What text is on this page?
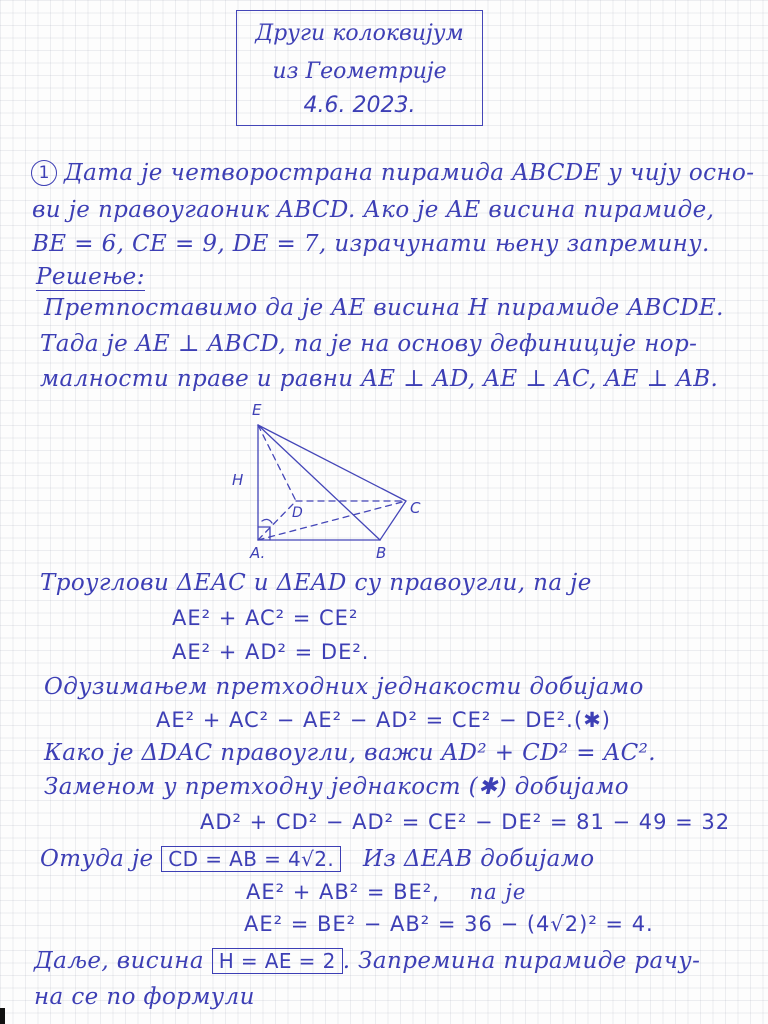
Други колоквијум
из Геометрије
4.6. 2023.
1 Дата је четворострана пирамида ABCDE у чију осно-
ви је правоугаоник ABCD. Ако је AE висина пирамиде,
BE = 6, CE = 9, DE = 7, израчунати њену запремину.
Решење:
Претпоставимо да је AE висина H пирамиде ABCDE.
Тада је AE ⊥ ABCD, па је на основу дефиниције нор-
малности праве и равни AE ⊥ AD, AE ⊥ AC, AE ⊥ AB.
E
H
D	C
A.	B
Троуглови ΔEAC и ΔEAD су правоугли, па је
AE² + AC² = CE²
AE² + AD² = DE².
Одузимањем претходних једнакости добијамо
AE² + AC² − AE² − AD² = CE² − DE². (✱)
Како је ΔDAC правоугли, важи AD² + CD² = AC².
Заменом у претходну једнакост (✱) добијамо
AD² + CD² − AD² = CE² − DE² = 81 − 49 = 32
Отуда је CD = AB = 4√2. Из ΔEAB добијамо
AE² + AB² = BE², па је
AE² = BE² − AB² = 36 − (4√2)² = 4.
Даље, висина H = AE = 2 . Запремина пирамиде рачу-
на се по формули
